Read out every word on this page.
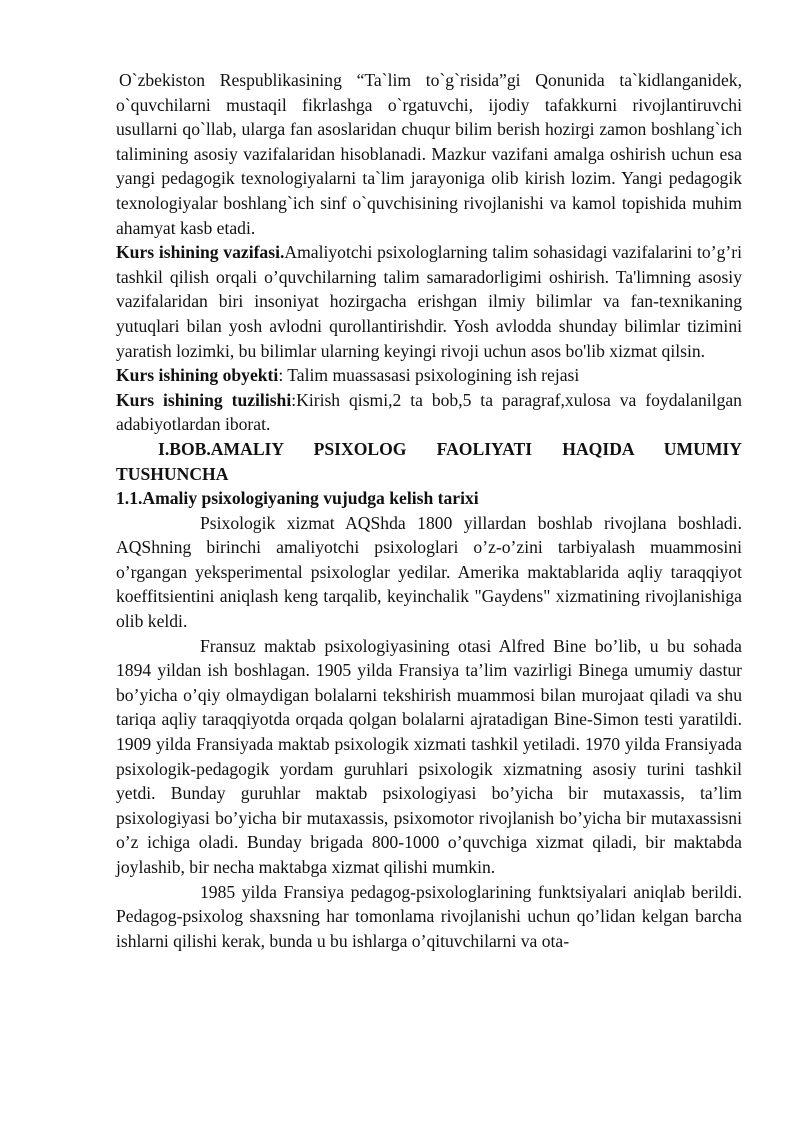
O`zbekiston Respublikasining “Ta`lim to`g`risida”gi Qonunida ta`kidlanganidek, o`quvchilarni mustaqil fikrlashga o`rgatuvchi, ijodiy tafakkurni rivojlantiruvchi usullarni qo`llab, ularga fan asoslaridan chuqur bilim berish hozirgi zamon boshlang`ich talimining asosiy vazifalaridan hisoblanadi. Mazkur vazifani amalga oshirish uchun esa yangi pedagogik texnologiyalarni ta`lim jarayoniga olib kirish lozim. Yangi pedagogik texnologiyalar boshlang`ich sinf o`quvchisining rivojlanishi va kamol topishida muhim ahamyat kasb etadi.

Kurs ishining vazifasi.Amaliyotchi psixologlarning talim sohasidagi vazifalarini to’g’ri tashkil qilish orqali o’quvchilarning talim samaradorligimi oshirish. Ta'limning asosiy vazifalaridan biri insoniyat hozirgacha erishgan ilmiy bilimlar va fan-texnikaning yutuqlari bilan yosh avlodni qurollantirishdir. Yosh avlodda shunday bilimlar tizimini yaratish lozimki, bu bilimlar ularning keyingi rivoji uchun asos bo'lib xizmat qilsin.

Kurs ishining obyekti: Talim muassasasi psixologining ish rejasi

Kurs ishining tuzilishi:Kirish qismi,2 ta bob,5 ta paragraf,xulosa va foydalanilgan adabiyotlardan iborat.

I.BOB.AMALIY PSIXOLOG FAOLIYATI HAQIDA UMUMIY TUSHUNCHA

1.1.Amaliy psixologiyaning vujudga kelish tarixi

Psixologik xizmat AQShda 1800 yillardan boshlab rivojlana boshladi. AQShning birinchi amaliyotchi psixologlari o’z-o’zini tarbiyalash muammosini o’rgangan yeksperimental psixologlar yedilar. Amerika maktablarida aqliy taraqqiyot koeffitsientini aniqlash keng tarqalib, keyinchalik "Gaydens" xizmatining rivojlanishiga olib keldi.

Fransuz maktab psixologiyasining otasi Alfred Bine bo’lib, u bu sohada 1894 yildan ish boshlagan. 1905 yilda Fransiya ta’lim vazirligi Binega umumiy dastur bo’yicha o’qiy olmaydigan bolalarni tekshirish muammosi bilan murojaat qiladi va shu tariqa aqliy taraqqiyotda orqada qolgan bolalarni ajratadigan Bine-Simon testi yaratildi. 1909 yilda Fransiyada maktab psixologik xizmati tashkil yetiladi. 1970 yilda Fransiyada psixologik-pedagogik yordam guruhlari psixologik xizmatning asosiy turini tashkil yetdi. Bunday guruhlar maktab psixologiyasi bo’yicha bir mutaxassis, ta’lim psixologiyasi bo’yicha bir mutaxassis, psixomotor rivojlanish bo’yicha bir mutaxassisni o’z ichiga oladi. Bunday brigada 800-1000 o’quvchiga xizmat qiladi, bir maktabda joylashib, bir necha maktabga xizmat qilishi mumkin.

1985 yilda Fransiya pedagog-psixologlarining funktsiyalari aniqlab berildi. Pedagog-psixolog shaxsning har tomonlama rivojlanishi uchun qo’lidan kelgan barcha ishlarni qilishi kerak, bunda u bu ishlarga o’qituvchilarni va ota-
